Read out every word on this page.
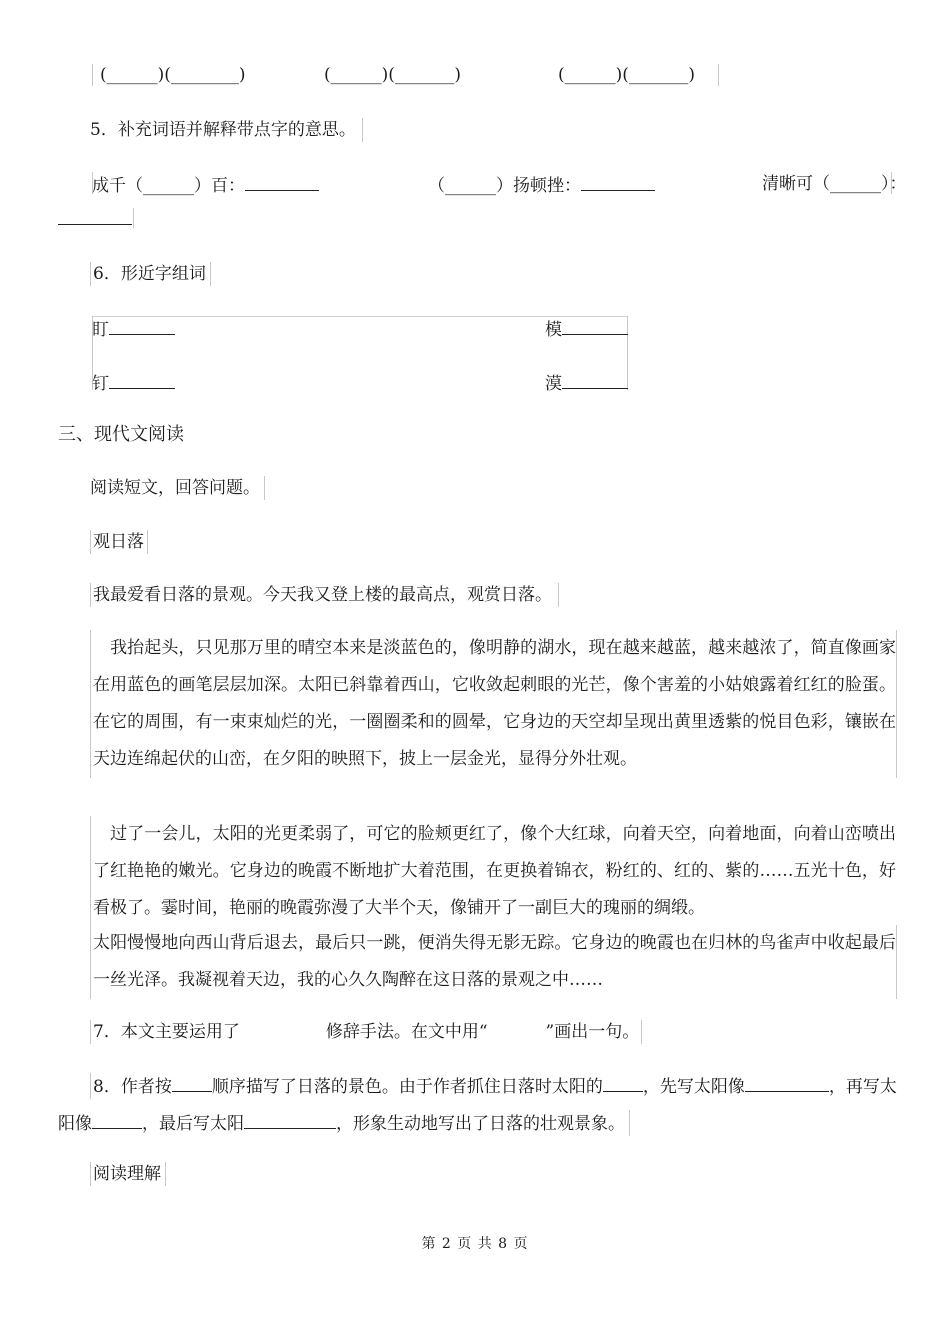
(______)(________)	(______)(_______)	(______)(_______)
5．补充词语并解释带点字的意思。
成千（______）百：	（______）扬顿挫：	清晰可（______）：
6．形近字组词
盯	模
钉	漠
三、现代文阅读
阅读短文，回答问题。
观日落
我最爱看日落的景观。今天我又登上楼的最高点，观赏日落。

　我抬起头，只见那万里的晴空本来是淡蓝色的，像明静的湖水，现在越来越蓝，越来越浓了，简直像画家在用蓝色的画笔层层加深。太阳已斜靠着西山，它收敛起刺眼的光芒，像个害羞的小姑娘露着红红的脸蛋。在它的周围，有一束束灿烂的光，一圈圈柔和的圆晕，它身边的天空却呈现出黄里透紫的悦目色彩，镶嵌在天边连绵起伏的山峦，在夕阳的映照下，披上一层金光，显得分外壮观。

　过了一会儿，太阳的光更柔弱了，可它的脸颊更红了，像个大红球，向着天空，向着地面，向着山峦喷出了红艳艳的嫩光。它身边的晚霞不断地扩大着范围，在更换着锦衣，粉红的、红的、紫的……五光十色，好看极了。霎时间，艳丽的晚霞弥漫了大半个天，像铺开了一副巨大的瑰丽的绸缎。

太阳慢慢地向西山背后退去，最后只一跳，便消失得无影无踪。它身边的晚霞也在归林的鸟雀声中收起最后一丝光泽。我凝视着天边，我的心久久陶醉在这日落的景观之中……

7．本文主要运用了	修辞手法。在文中用“	”画出一句。
8．作者按 顺序描写了日落的景色。由于作者抓住日落时太阳的 ，先写太阳像	，再写太
阳像	，最后写太阳	，形象生动地写出了日落的壮观景象。
阅读理解
第 2 页 共 8 页
